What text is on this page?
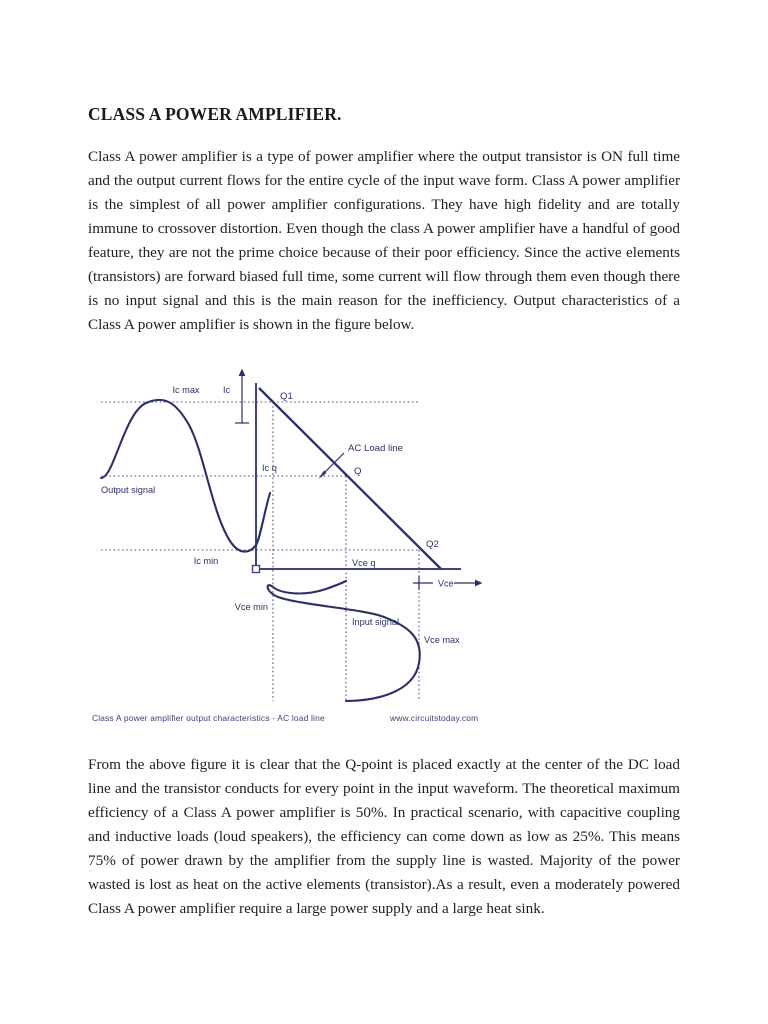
CLASS A POWER AMPLIFIER.

Class A power amplifier is a type of power amplifier where the output transistor is ON full time and the output current flows for the entire cycle of the input wave form. Class A power amplifier is the simplest of all power amplifier configurations. They have high fidelity and are totally immune to crossover distortion. Even though the class A power amplifier have a handful of good feature, they are not the prime choice because of their poor efficiency. Since the active elements (transistors) are forward biased full time, some current will flow through them even though there is no input signal and this is the main reason for the inefficiency. Output characteristics of a Class A power amplifier is shown in the figure below.

Ic
Vce
AC Load line
Q1
Q
Q2
Ic max
Ic q
Ic min	Vce q
Vce min
Vce max
Output signal
Input signal
Class A power amplifier output characteristics - AC load line	www.circuitstoday.com

From the above figure it is clear that the Q-point is placed exactly at the center of the DC load line and the transistor conducts for every point in the input waveform. The theoretical maximum efficiency of a Class A power amplifier is 50%. In practical scenario, with capacitive coupling and inductive loads (loud speakers), the efficiency can come down as low as 25%. This means 75% of power drawn by the amplifier from the supply line is wasted. Majority of the power wasted is lost as heat on the active elements (transistor).As a result, even a moderately powered Class A power amplifier require a large power supply and a large heat sink.
